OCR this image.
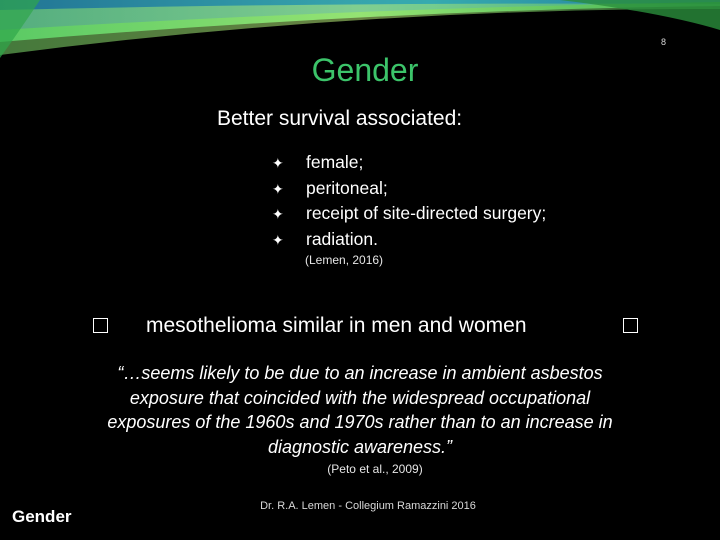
8
Gender
Better survival associated:
✦ female;
✦ peritoneal;
✦ receipt of site-directed surgery;
✦ radiation.
(Lemen, 2016)
mesothelioma similar in men and women
“…seems likely to be due to an increase in ambient asbestos
exposure that coincided with the widespread occupational
exposures of the 1960s and 1970s rather than to an increase in
diagnostic awareness.”
(Peto et al., 2009)
Gender
Dr. R.A. Lemen - Collegium Ramazzini 2016
